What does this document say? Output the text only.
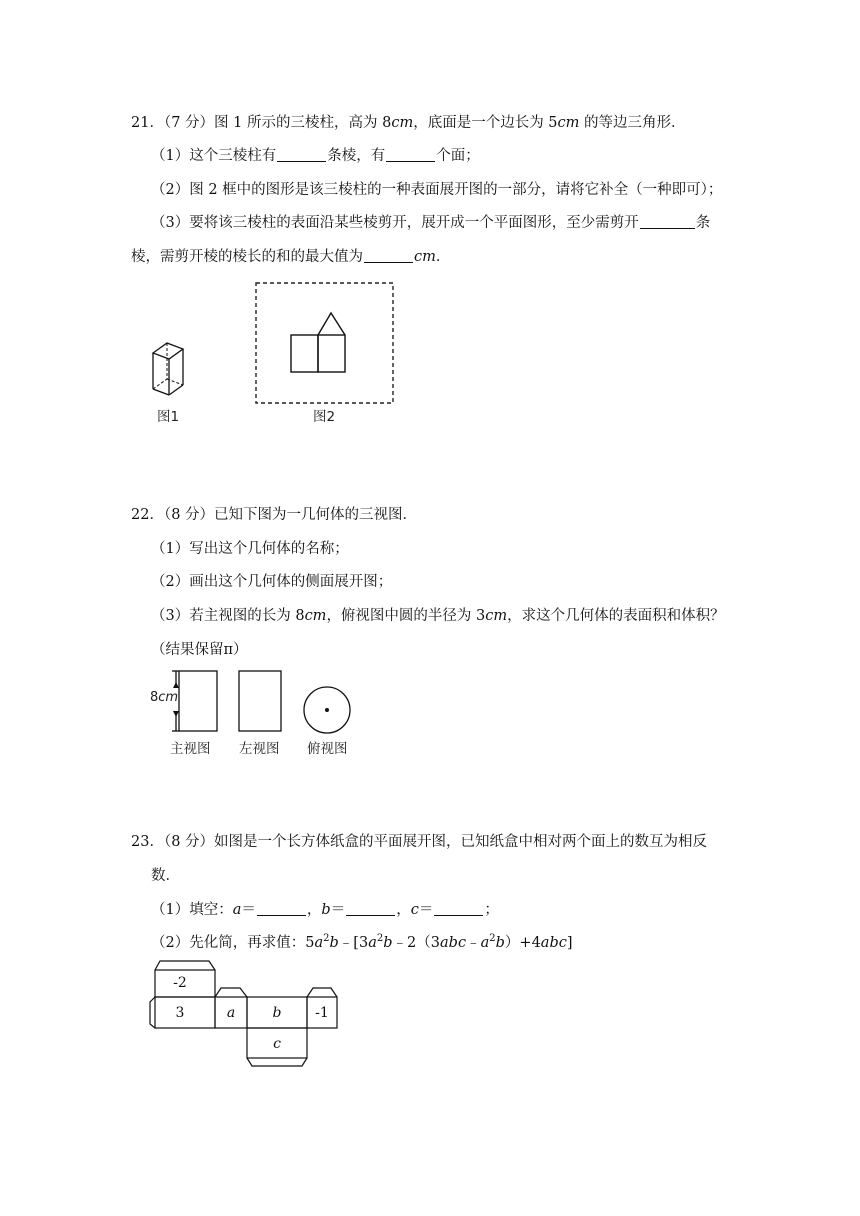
21．（7 分）图 1 所示的三棱柱，高为 8cm，底面是一个边长为 5cm 的等边三角形．
（1）这个三棱柱有	条棱，有	个面；
（2）图 2 框中的图形是该三棱柱的一种表面展开图的一部分，请将它补全（一种即可）；
（3）要将该三棱柱的表面沿某些棱剪开，展开成一个平面图形，至少需剪开	条
棱，需剪开棱的棱长的和的最大值为	cm．
图1	图2
22．（8 分）已知下图为一几何体的三视图．
（1）写出这个几何体的名称；
（2）画出这个几何体的侧面展开图；
（3）若主视图的长为 8cm，俯视图中圆的半径为 3cm，求这个几何体的表面积和体积？
（结果保留π）
8cm
主视图 左视图 俯视图
23．（8 分）如图是一个长方体纸盒的平面展开图，已知纸盒中相对两个面上的数互为相反
数．
（1）填空：a＝	，b＝	，c＝	；
（2）先化简，再求值：$5a^2b﹣[3a^2b﹣2(3abc﹣a^2b)+4abc]$
-2
3	a	b	-1
c
